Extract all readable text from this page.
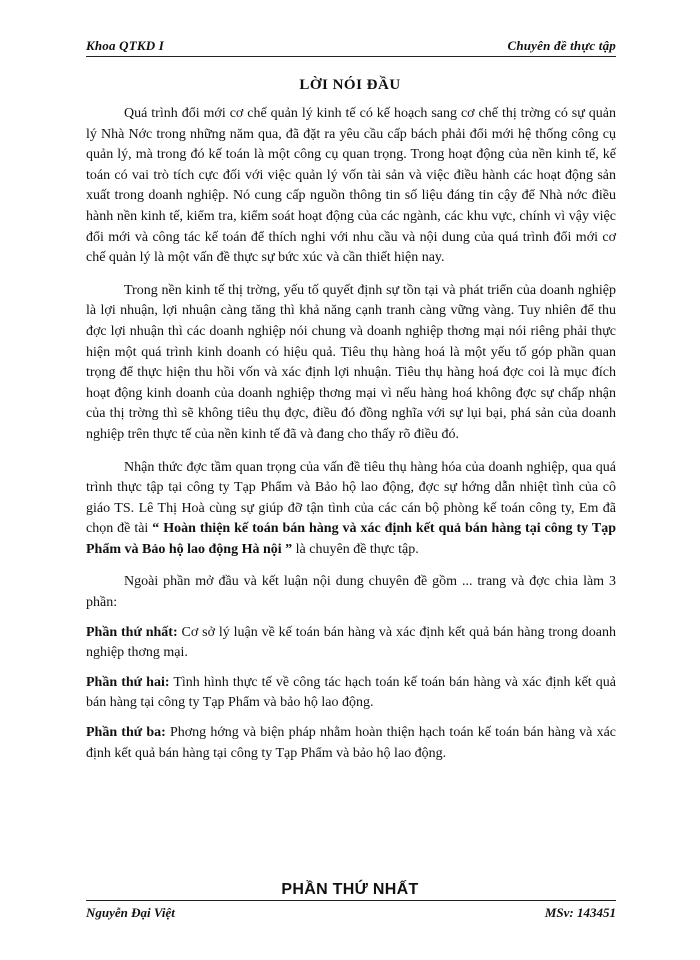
Khoa QTKD I	Chuyên đề thực tập
LỜI NÓI ĐẦU

Quá trình đổi mới cơ chế quản lý kinh tế có kế hoạch sang cơ chế thị trờng có sự quản lý Nhà Nớc trong những năm qua, đã đặt ra yêu cầu cấp bách phải đổi mới hệ thống công cụ quản lý, mà trong đó kế toán là một công cụ quan trọng. Trong hoạt động của nền kinh tế, kế toán có vai trò tích cực đối với việc quản lý vốn tài sản và việc điều hành các hoạt động sản xuất trong doanh nghiệp. Nó cung cấp nguồn thông tin số liệu đáng tin cậy để Nhà nớc điều hành nền kinh tế, kiểm tra, kiểm soát hoạt động của các ngành, các khu vực, chính vì vậy việc đổi mới và công tác kế toán để thích nghi với nhu cầu và nội dung của quá trình đổi mới cơ chế quản lý là một vấn đề thực sự bức xúc và cần thiết hiện nay.

Trong nền kinh tế thị trờng, yếu tố quyết định sự tồn tại và phát triển của doanh nghiệp là lợi nhuận, lợi nhuận càng tăng thì khả năng cạnh tranh càng vững vàng. Tuy nhiên để thu đợc lợi nhuận thì các doanh nghiệp nói chung và doanh nghiệp thơng mại nói riêng phải thực hiện một quá trình kinh doanh có hiệu quả. Tiêu thụ hàng hoá là một yếu tố góp phần quan trọng để thực hiện thu hồi vốn và xác định lợi nhuận. Tiêu thụ hàng hoá đợc coi là mục đích hoạt động kinh doanh của doanh nghiệp thơng mại vì nếu hàng hoá không đợc sự chấp nhận của thị trờng thì sẽ không tiêu thụ đợc, điều đó đồng nghĩa với sự lụi bại, phá sản của doanh nghiệp trên thực tế của nền kinh tế đã và đang cho thấy rõ điều đó.

Nhận thức đợc tầm quan trọng của vấn đề tiêu thụ hàng hóa của doanh nghiệp, qua quá trình thực tập tại công ty Tạp Phẩm và Bảo hộ lao động, đợc sự hớng dẫn nhiệt tình của cô giáo TS. Lê Thị Hoà cùng sự giúp đỡ tận tình của các cán bộ phòng kế toán công ty, Em đã chọn đề tài “ Hoàn thiện kế toán bán hàng và xác định kết quả bán hàng tại công ty Tạp Phẩm và Bảo hộ lao động Hà nội ” là chuyên đề thực tập.

Ngoài phần mở đầu và kết luận nội dung chuyên đề gồm ... trang và đợc chia làm 3 phần:

Phần thứ nhất: Cơ sở lý luận về kế toán bán hàng và xác định kết quả bán hàng trong doanh nghiệp thơng mại.

Phần thứ hai: Tình hình thực tế về công tác hạch toán kế toán bán hàng và xác định kết quả bán hàng tại công ty Tạp Phẩm và bảo hộ lao động.

Phần thứ ba: Phơng hớng và biện pháp nhằm hoàn thiện hạch toán kế toán bán hàng và xác định kết quả bán hàng tại công ty Tạp Phẩm và bảo hộ lao động.

PHẦN THỨ NHẤT
Nguyễn Đại Việt	MSv: 143451
